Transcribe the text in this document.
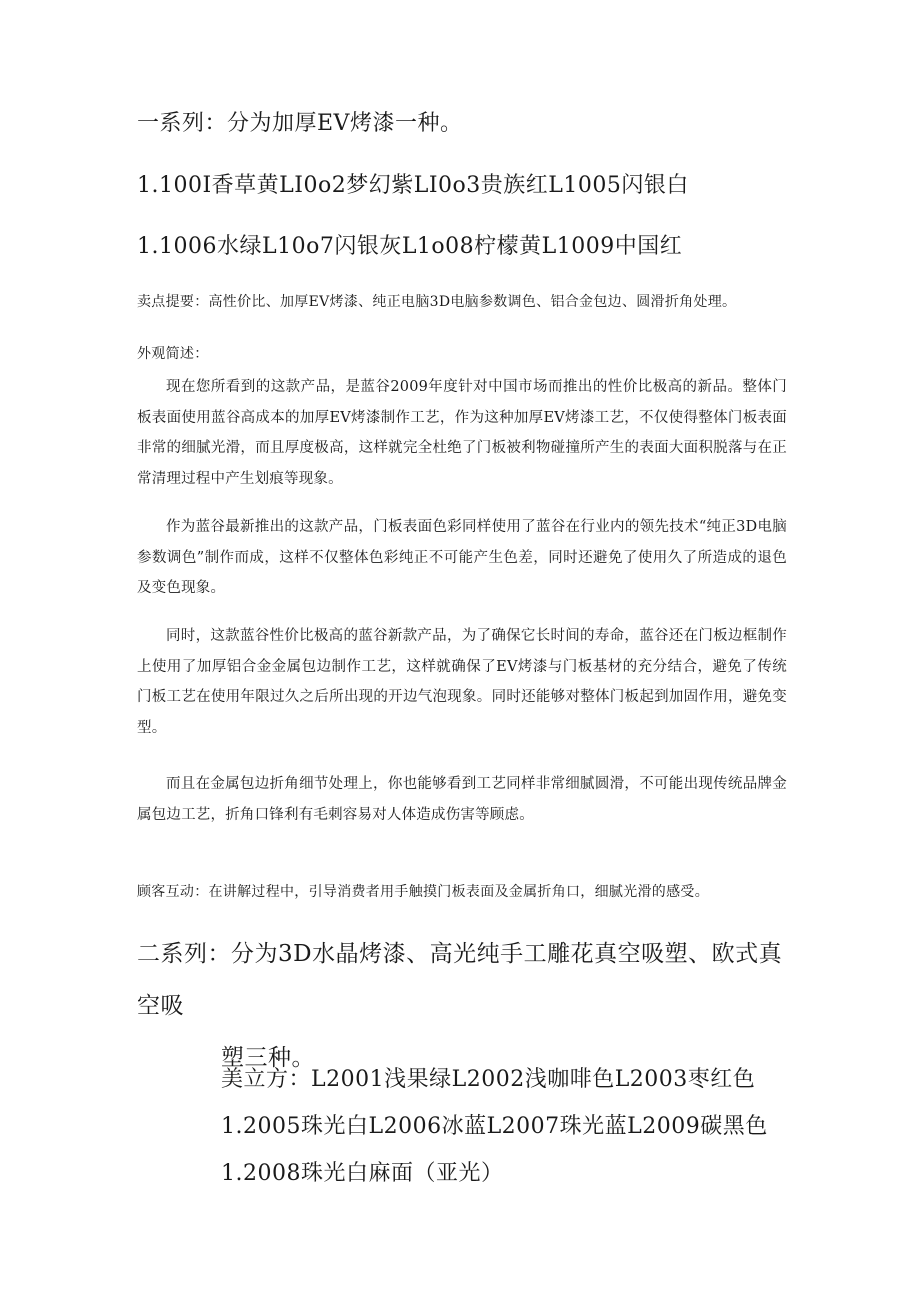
一系列：分为加厚EV烤漆一种。

1.100I香草黄LI0o2梦幻紫LI0o3贵族红L1005闪银白

1.1006水绿L10o7闪银灰L1o08柠檬黄L1009中国红

卖点提要：高性价比、加厚EV烤漆、纯正电脑3D电脑参数调色、铝合金包边、圆滑折角处理。

外观简述：

现在您所看到的这款产品，是蓝谷2009年度针对中国市场而推出的性价比极高的新品。整体门板表面使用蓝谷高成本的加厚EV烤漆制作工艺，作为这种加厚EV烤漆工艺，不仅使得整体门板表面非常的细腻光滑，而且厚度极高，这样就完全杜绝了门板被利物碰撞所产生的表面大面积脱落与在正常清理过程中产生划痕等现象。

作为蓝谷最新推出的这款产品，门板表面色彩同样使用了蓝谷在行业内的领先技术“纯正3D电脑参数调色”制作而成，这样不仅整体色彩纯正不可能产生色差，同时还避免了使用久了所造成的退色及变色现象。

同时，这款蓝谷性价比极高的蓝谷新款产品，为了确保它长时间的寿命，蓝谷还在门板边框制作上使用了加厚铝合金金属包边制作工艺，这样就确保了EV烤漆与门板基材的充分结合，避免了传统门板工艺在使用年限过久之后所出现的开边气泡现象。同时还能够对整体门板起到加固作用，避免变型。

而且在金属包边折角细节处理上，你也能够看到工艺同样非常细腻圆滑，不可能出现传统品牌金属包边工艺，折角口锋利有毛刺容易对人体造成伤害等顾虑。

顾客互动：在讲解过程中，引导消费者用手触摸门板表面及金属折角口，细腻光滑的感受。

二系列：分为3D水晶烤漆、高光纯手工雕花真空吸塑、欧式真空吸
塑三种。

美立方：L2001浅果绿L2002浅咖啡色L2003枣红色

1.2005珠光白L2006冰蓝L2007珠光蓝L2009碳黑色

1.2008珠光白麻面（亚光）
